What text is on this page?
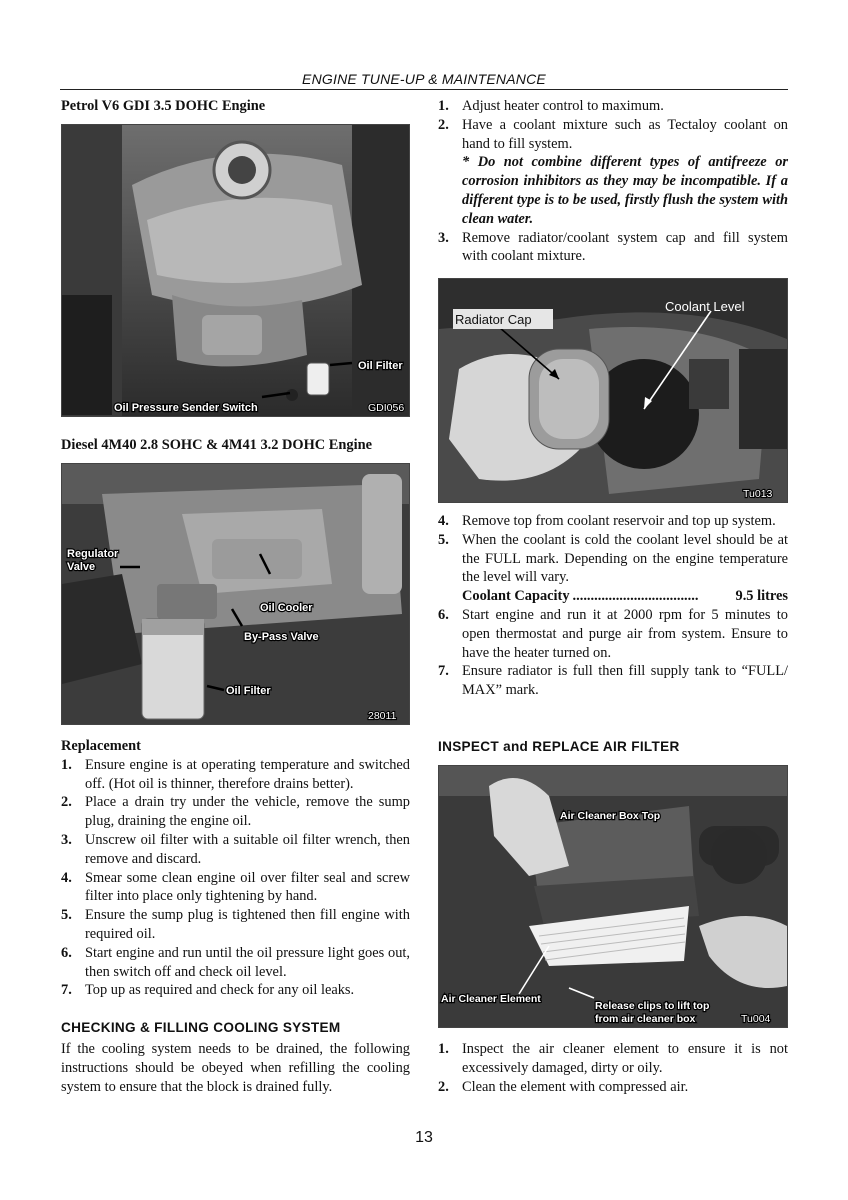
ENGINE TUNE-UP & MAINTENANCE
Petrol V6 GDI 3.5 DOHC Engine
Oil Filter
Oil Pressure Sender Switch	GDI056
Diesel 4M40 2.8 SOHC & 4M41 3.2 DOHC Engine
Regulator
Valve
Oil Cooler
By-Pass Valve
Oil Filter
28011
Replacement
1. Ensure engine is at operating temperature and switched off. (Hot oil is thinner, therefore drains better).
2. Place a drain try under the vehicle, remove the sump plug, draining the engine oil.
3. Unscrew oil filter with a suitable oil filter wrench, then remove and discard.
4. Smear some clean engine oil over filter seal and screw filter into place only tightening by hand.
5. Ensure the sump plug is tightened then fill engine with required oil.
6. Start engine and run until the oil pressure light goes out, then switch off and check oil level.
7. Top up as required and check for any oil leaks.
CHECKING & FILLING COOLING SYSTEM
If the cooling system needs to be drained, the following instructions should be obeyed when refilling the cooling system to ensure that the block is drained fully.
1. Adjust heater control to maximum.
2. Have a coolant mixture such as Tectaloy coolant on hand to fill system.
* Do not combine different types of antifreeze or corrosion inhibitors as they may be incompatible. If a different type is to be used, firstly flush the system with clean water.
3. Remove radiator/coolant system cap and fill system with coolant mixture.
Radiator Cap
Coolant Level
Tu013
4. Remove top from coolant reservoir and top up system.
5. When the coolant is cold the coolant level should be at the FULL mark. Depending on the engine temperature the level will vary.
Coolant Capacity ...................................	9.5 litres
6. Start engine and run it at 2000 rpm for 5 minutes to open thermostat and purge air from system. Ensure to have the heater turned on.
7. Ensure radiator is full then fill supply tank to “FULL/ MAX” mark.
INSPECT and REPLACE AIR FILTER
Air Cleaner Box Top
Air Cleaner Element
Release clips to lift top
from air cleaner box	Tu004
1. Inspect the air cleaner element to ensure it is not excessively damaged, dirty or oily.
2. Clean the element with compressed air.
13
